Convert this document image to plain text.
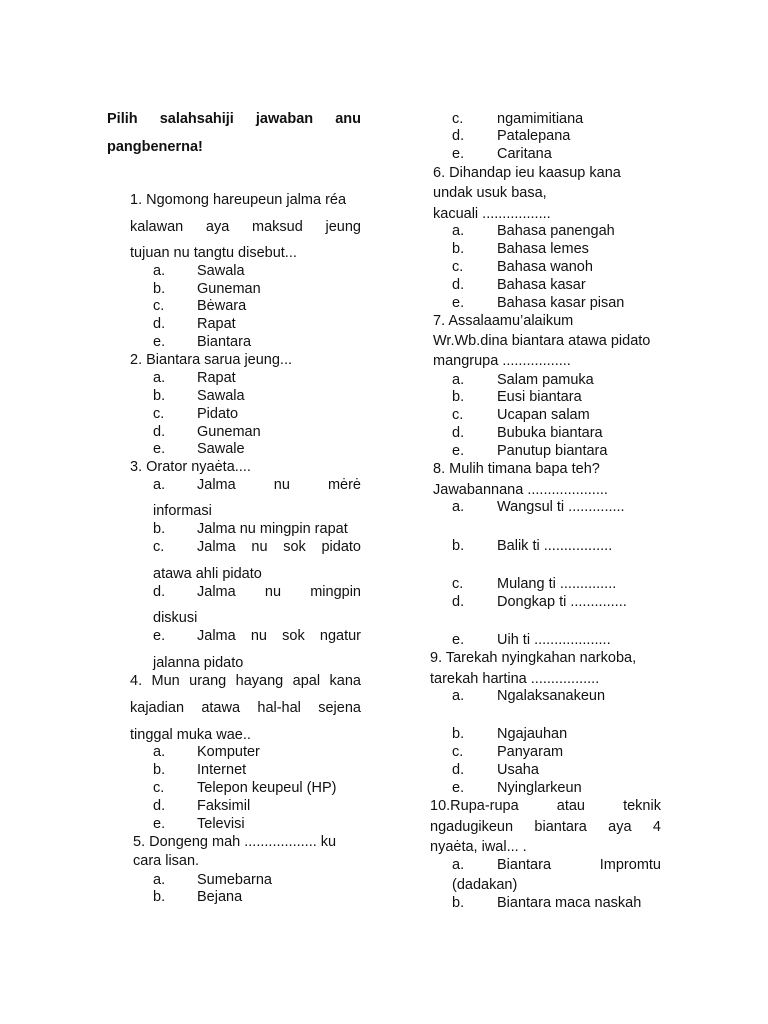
Pilih salahsahiji jawaban anu
pangbenerna!
1. Ngomong hareupeun jalma réa
kalawan aya maksud jeung
tujuan nu tangtu disebut...
a. Sawala
b. Guneman
c. Bėwara
d. Rapat
e. Biantara
2. Biantara sarua jeung...
a. Rapat
b. Sawala
c. Pidato
d. Guneman
e. Sawale
3. Orator nyaėta....
a. Jalma	nu	mėrė
informasi
b. Jalma nu mingpin rapat
c. Jalma nu sok pidato
atawa ahli pidato
d. Jalma nu mingpin
diskusi
e. Jalma nu sok ngatur
jalanna pidato
4. Mun urang hayang apal kana
kajadian atawa hal-hal sejena
tinggal muka wae..
a. Komputer
b. Internet
c. Telepon keupeul (HP)
d. Faksimil
e. Televisi
5. Dongeng mah .................. ku
cara lisan.
a. Sumebarna
b. Bejana
c. ngamimitiana
d. Patalepana
e. Caritana
6. Dihandap ieu kaasup kana
undak usuk basa,
kacuali .................
a. Bahasa panengah
b. Bahasa lemes
c. Bahasa wanoh
d. Bahasa kasar
e. Bahasa kasar pisan
7. Assalaamu’alaikum
Wr.Wb.dina biantara atawa pidato
mangrupa .................
a. Salam pamuka
b. Eusi biantara
c. Ucapan salam
d. Bubuka biantara
e. Panutup biantara
8. Mulih timana bapa teh?
Jawabannana ....................
a. Wangsul ti ..............
b. Balik ti .................
c. Mulang ti ..............
d. Dongkap ti ..............
e. Uih ti ...................
9. Tarekah nyingkahan narkoba,
tarekah hartina .................
a. Ngalaksanakeun
b. Ngajauhan
c. Panyaram
d. Usaha
e. Nyinglarkeun
10.Rupa-rupa	atau	teknik
ngadugikeun biantara aya 4
nyaėta, iwal... .
a. Biantara	Impromtu
(dadakan)
b. Biantara maca naskah
